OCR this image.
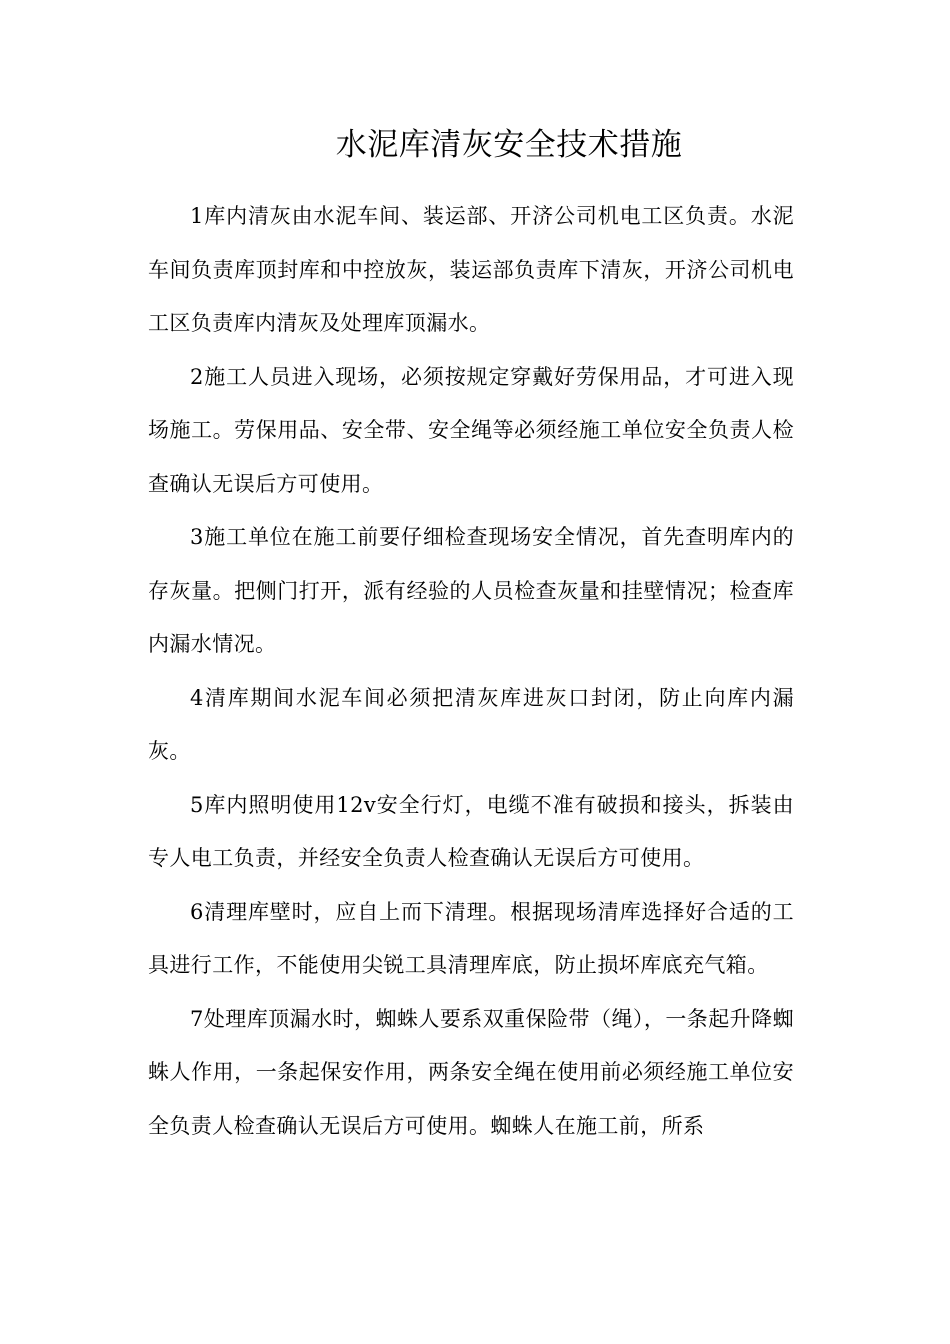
水泥库清灰安全技术措施

1库内清灰由水泥车间、装运部、开济公司机电工区负责。水泥车间负责库顶封库和中控放灰，装运部负责库下清灰，开济公司机电工区负责库内清灰及处理库顶漏水。

2施工人员进入现场，必须按规定穿戴好劳保用品，才可进入现场施工。劳保用品、安全带、安全绳等必须经施工单位安全负责人检查确认无误后方可使用。

3施工单位在施工前要仔细检查现场安全情况，首先查明库内的存灰量。把侧门打开，派有经验的人员检查灰量和挂壁情况；检查库内漏水情况。

4清库期间水泥车间必须把清灰库进灰口封闭，防止向库内漏灰。

5库内照明使用12v安全行灯，电缆不准有破损和接头，拆装由专人电工负责，并经安全负责人检查确认无误后方可使用。

6清理库壁时，应自上而下清理。根据现场清库选择好合适的工具进行工作，不能使用尖锐工具清理库底，防止损坏库底充气箱。

7处理库顶漏水时，蜘蛛人要系双重保险带（绳），一条起升降蜘蛛人作用，一条起保安作用，两条安全绳在使用前必须经施工单位安全负责人检查确认无误后方可使用。蜘蛛人在施工前，所系
